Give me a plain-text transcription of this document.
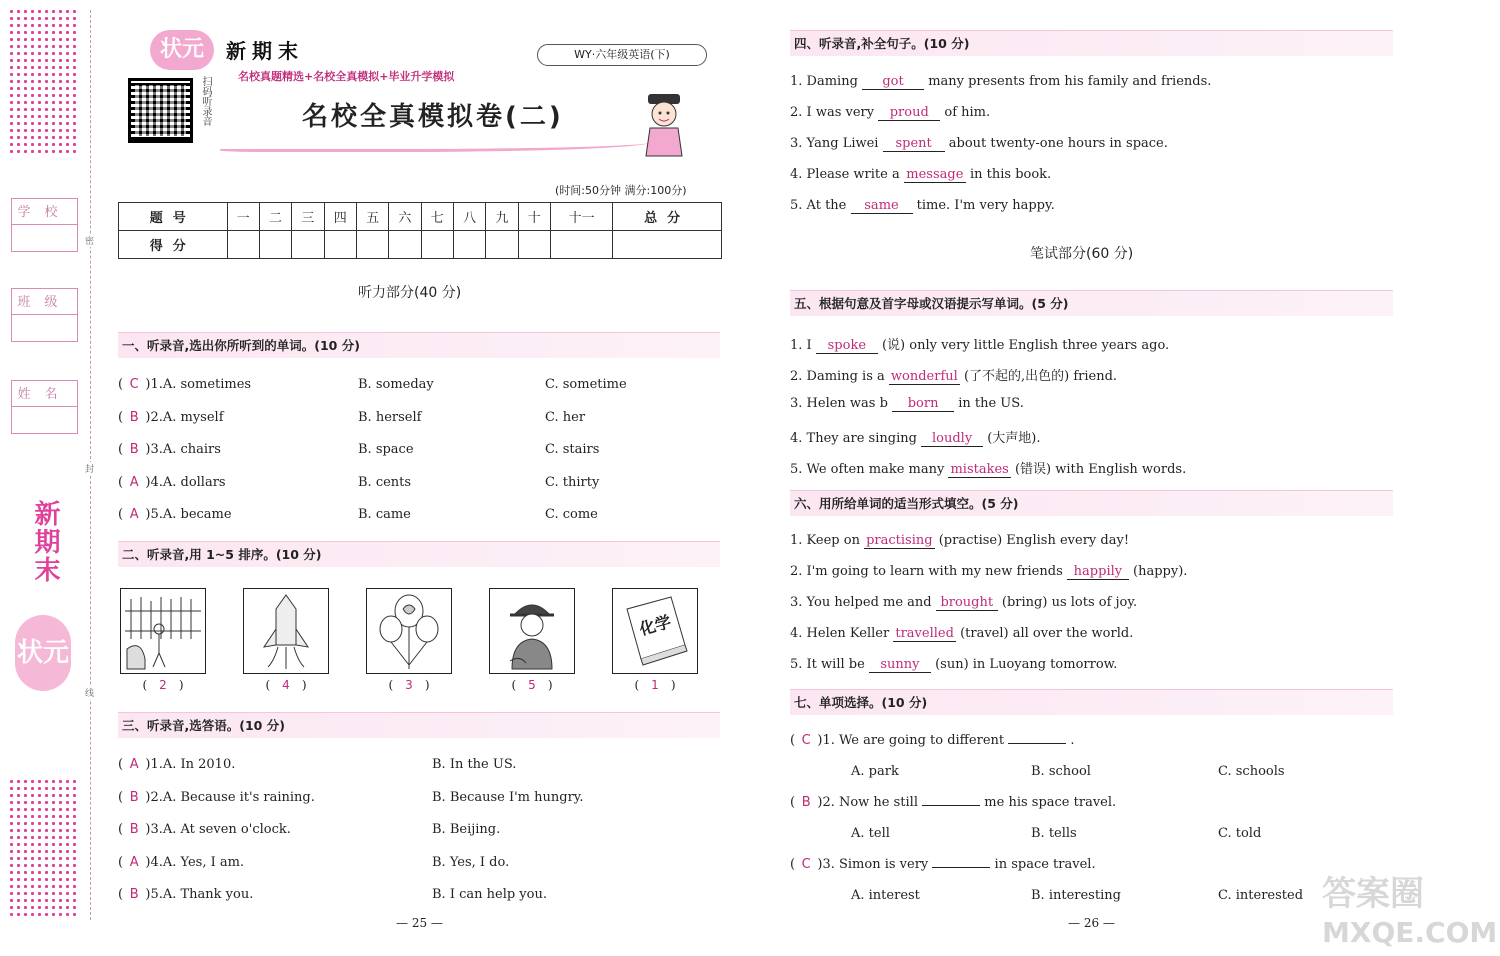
学校
班级
姓名
密
封
线
新期末
状元
状元	新期末
名校真题精选+名校全真模拟+毕业升学模拟
WY·六年级英语(下)
扫码听录音	名校全真模拟卷(二)
(时间:50分钟 满分:100分)
题号	一	二	三	四	五	六	七	八	九	十	十一	总分
得分												
听力部分(40 分)
一、听录音,选出你所听到的单词。(10 分)
( C )1.A. sometimes	B. someday	C. sometime
( B )2.A. myself	B. herself	C. her
( B )3.A. chairs	B. space	C. stairs
( A )4.A. dollars	B. cents	C. thirty
( A )5.A. became	B. came	C. come
二、听录音,用 1~5 排序。(10 分)
化学
( 2 )	( 4 )	( 3 )	( 5 )	( 1 )
三、听录音,选答语。(10 分)
( A )1.A. In 2010.	B. In the US.
( B )2.A. Because it's raining.	B. Because I'm hungry.
( B )3.A. At seven o'clock.	B. Beijing.
( A )4.A. Yes, I am.	B. Yes, I do.
( B )5.A. Thank you.	B. I can help you.
— 25 —
四、听录音,补全句子。(10 分)
1. Daming got many presents from his family and friends.
2. I was very proud of him.
3. Yang Liwei spent about twenty-one hours in space.
4. Please write a message in this book.
5. At the same time. I'm very happy.
笔试部分(60 分)
五、根据句意及首字母或汉语提示写单词。(5 分)
1. I spoke (说) only very little English three years ago.
2. Daming is a wonderful (了不起的,出色的) friend.
3. Helen was b born in the US.
4. They are singing loudly (大声地).
5. We often make many mistakes (错误) with English words.
六、用所给单词的适当形式填空。(5 分)
1. Keep on practising (practise) English every day!
2. I'm going to learn with my new friends happily (happy).
3. You helped me and brought (bring) us lots of joy.
4. Helen Keller travelled (travel) all over the world.
5. It will be sunny (sun) in Luoyang tomorrow.
七、单项选择。(10 分)
( C )1. We are going to different	.
A. park	B. school	C. schools
( B )2. Now he still	me his space travel.
A. tell	B. tells	C. told
( C )3. Simon is very	in space travel.
A. interest	B. interesting	C. interested
— 26 —
答案圈
MXQE.COM
